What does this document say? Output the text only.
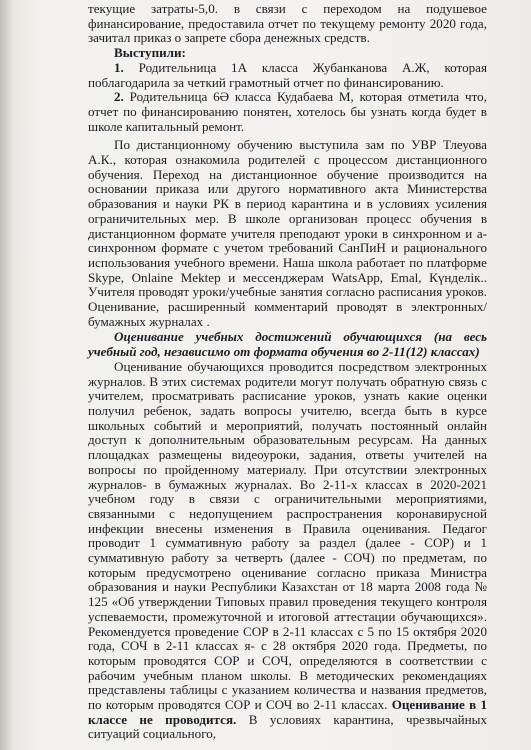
текущие затраты-5,0. в связи с переходом на подушевое финансирование, предоставила отчет по текущему ремонту 2020 года, зачитал приказ о запрете сбора денежных средств.

Выступили:

1. Родительница 1А класса Жубанканова А.Ж, которая поблагодарила за четкий грамотный отчет по финансированию.

2. Родительница 6Ә класса Кудабаева М, которая отметила что, отчет по финансированию понятен, хотелось бы узнать когда будет в школе капитальный ремонт.

По дистанционному обучению выступила зам по УВР Тлеуова А.К., которая ознакомила родителей с процессом дистанционного обучения. Переход на дистанционное обучение производится на основании приказа или другого нормативного акта Министерства образования и науки РК в период карантина и в условиях усиления ограничительных мер. В школе организован процесс обучения в дистанционном формате учителя преподают уроки в синхронном и а- синхронном формате с учетом требований СанПиН и рационального использования учебного времени. Наша школа работает по платформе Skype, Onlaine Mektep и мессенджерам WatsApp, Emal, Күнделік.. Учителя проводят уроки/учебные занятия согласно расписания уроков. Оценивание, расширенный комментарий проводят в электронных/бумажных журналах .

Оценивание учебных достижений обучающихся (на весь учебный год, независимо от формата обучения во 2-11(12) классах)

Оценивание обучающихся проводится посредством электронных журналов. В этих системах родители могут получать обратную связь с учителем, просматривать расписание уроков, узнать какие оценки получил ребенок, задать вопросы учителю, всегда быть в курсе школьных событий и мероприятий, получать постоянный онлайн доступ к дополнительным образовательным ресурсам. На данных площадках размещены видеоуроки, задания, ответы учителей на вопросы по пройденному материалу. При отсутствии электронных журналов- в бумажных журналах. Во 2-11-х классах в 2020-2021 учебном году в связи с ограничительными мероприятиями, связанными с недопущением распространения коронавирусной инфекции внесены изменения в Правила оценивания. Педагог проводит 1 суммативную работу за раздел (далее - СОР) и 1 суммативную работу за четверть (далее - СОЧ) по предметам, по которым предусмотрено оценивание согласно приказа Министра образования и науки Республики Казахстан от 18 марта 2008 года № 125 «Об утверждении Типовых правил проведения текущего контроля успеваемости, промежуточной и итоговой аттестации обучающихся». Рекомендуется проведение СОР в 2-11 классах с 5 по 15 октября 2020 года, СОЧ в 2-11 классах я- с 28 октября 2020 года. Предметы, по которым проводятся СОР и СОЧ, определяются в соответствии с рабочим учебным планом школы. В методических рекомендациях представлены таблицы с указанием количества и названия предметов, по которым проводятся СОР и СОЧ во 2-11 классах. Оценивание в 1 классе не проводится. В условиях карантина, чрезвычайных ситуаций социального,
